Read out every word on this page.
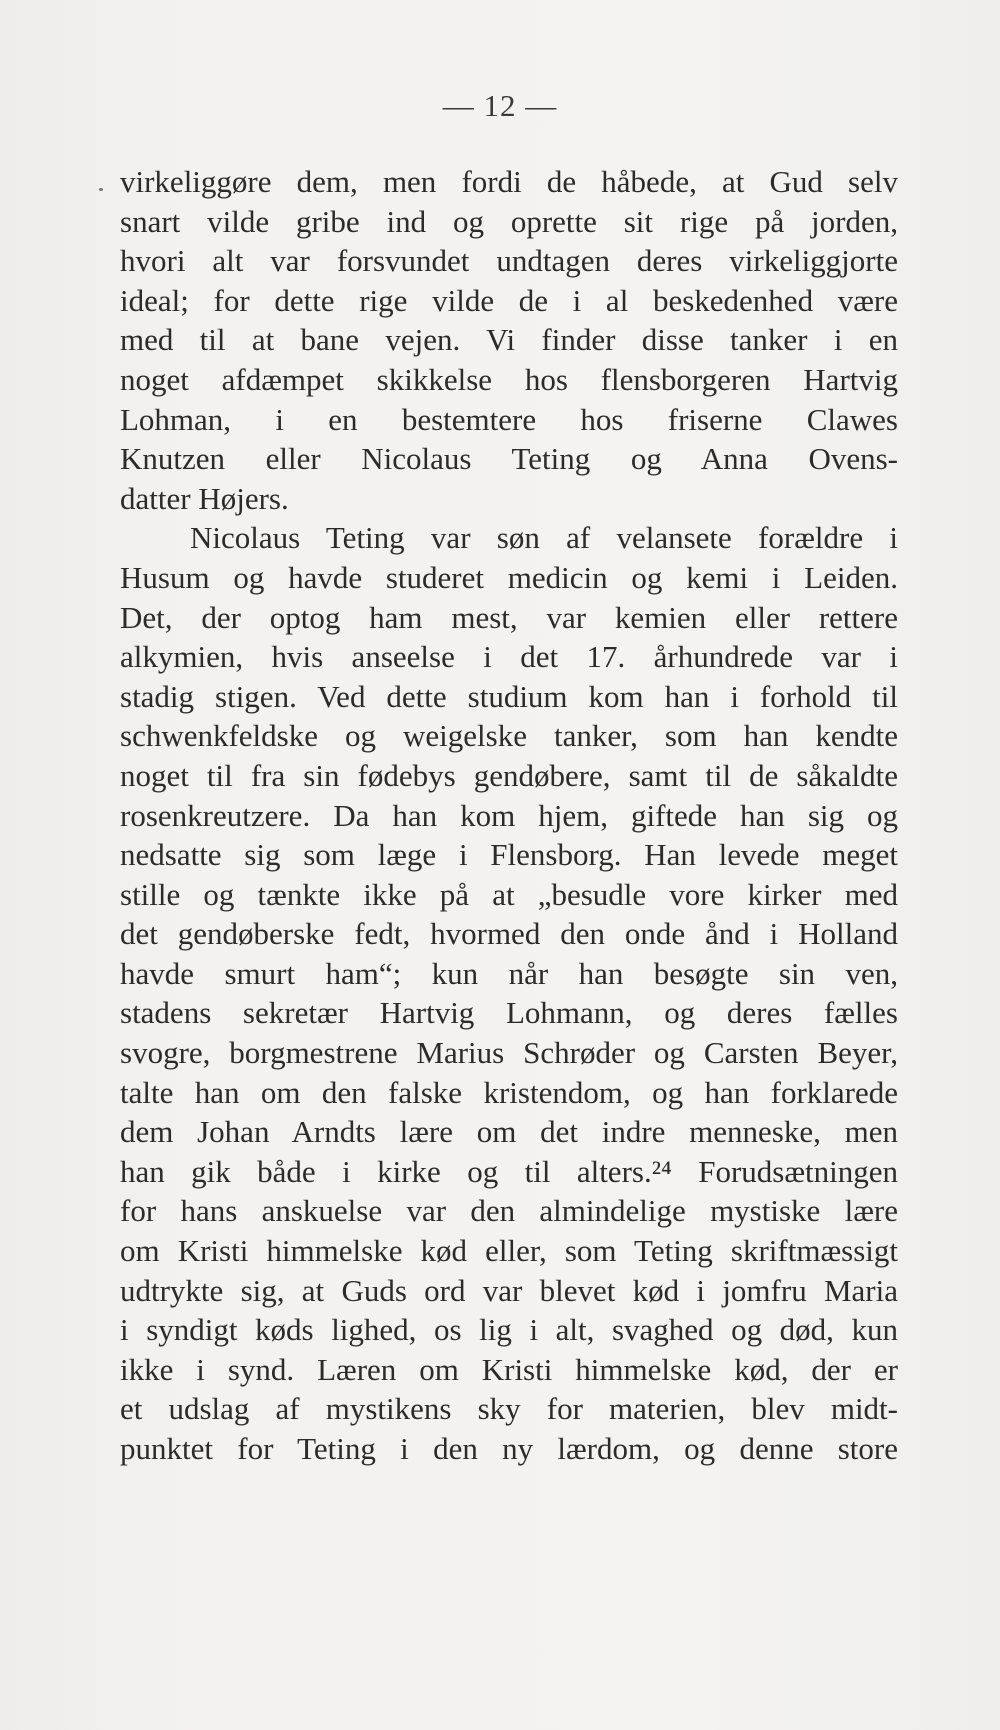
— 12 —
virkeliggøre dem, men fordi de håbede, at Gud selv
snart vilde gribe ind og oprette sit rige på jorden,
hvori alt var forsvundet undtagen deres virkeliggjorte
ideal; for dette rige vilde de i al beskedenhed være
med til at bane vejen. Vi finder disse tanker i en
noget afdæmpet skikkelse hos flensborgeren Hartvig
Lohman, i en bestemtere hos friserne Clawes
Knutzen eller Nicolaus Teting og Anna Ovens-
datter Højers.
Nicolaus Teting var søn af velansete forældre i
Husum og havde studeret medicin og kemi i Leiden.
Det, der optog ham mest, var kemien eller rettere
alkymien, hvis anseelse i det 17. århundrede var i
stadig stigen. Ved dette studium kom han i forhold til
schwenkfeldske og weigelske tanker, som han kendte
noget til fra sin fødebys gendøbere, samt til de såkaldte
rosenkreutzere. Da han kom hjem, giftede han sig og
nedsatte sig som læge i Flensborg. Han levede meget
stille og tænkte ikke på at „besudle vore kirker med
det gendøberske fedt, hvormed den onde ånd i Holland
havde smurt ham“; kun når han besøgte sin ven,
stadens sekretær Hartvig Lohmann, og deres fælles
svogre, borgmestrene Marius Schrøder og Carsten Beyer,
talte han om den falske kristendom, og han forklarede
dem Johan Arndts lære om det indre menneske, men
han gik både i kirke og til alters.²⁴ Forudsætningen
for hans anskuelse var den almindelige mystiske lære
om Kristi himmelske kød eller, som Teting skriftmæssigt
udtrykte sig, at Guds ord var blevet kød i jomfru Maria
i syndigt køds lighed, os lig i alt, svaghed og død, kun
ikke i synd. Læren om Kristi himmelske kød, der er
et udslag af mystikens sky for materien, blev midt-
punktet for Teting i den ny lærdom, og denne store
